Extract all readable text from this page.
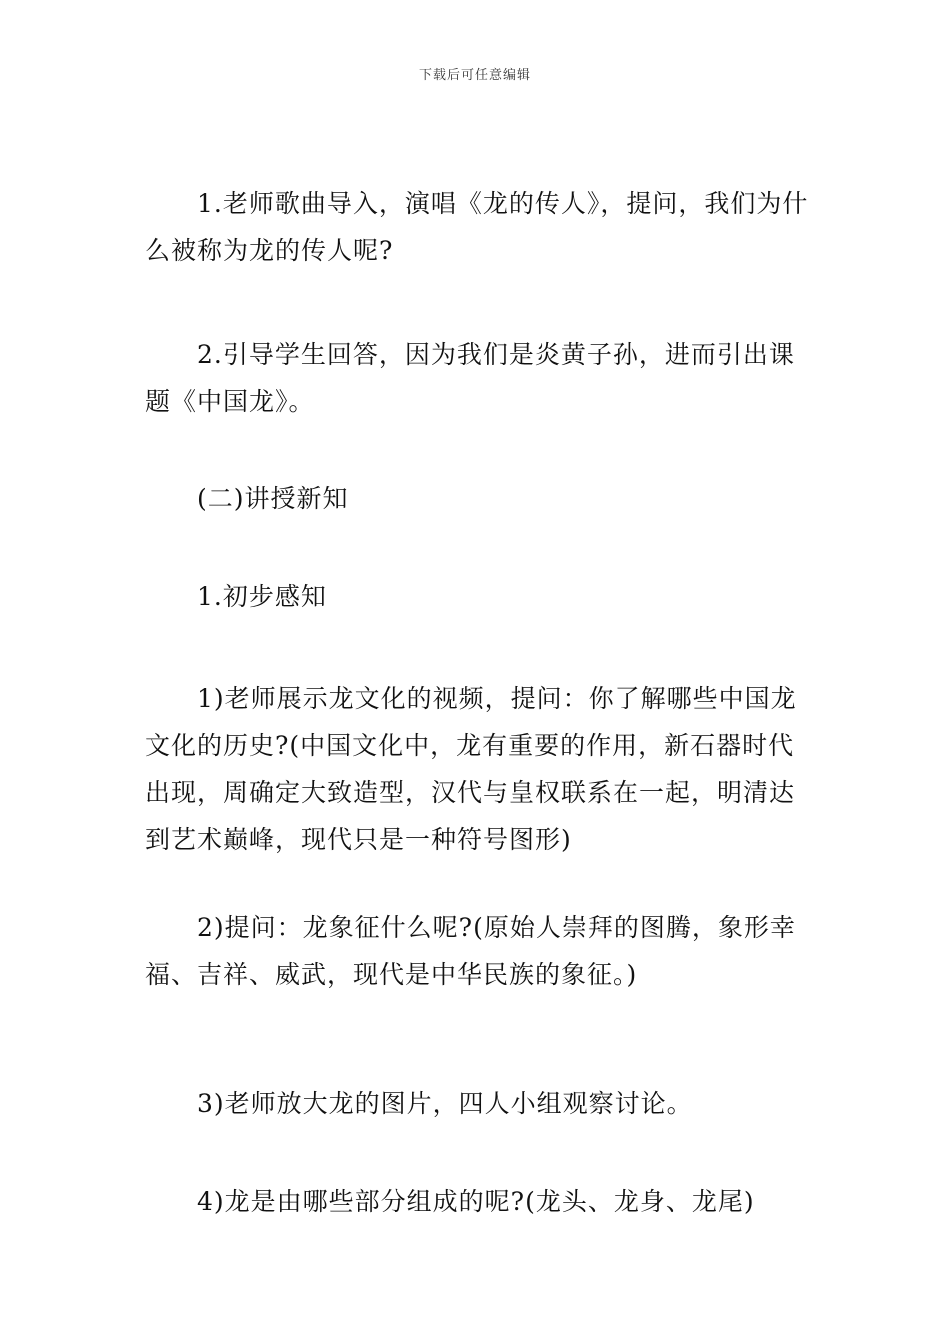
下载后可任意编辑

1.老师歌曲导入，演唱《龙的传人》，提问，我们为什么被称为龙的传人呢?

2.引导学生回答，因为我们是炎黄子孙，进而引出课题《中国龙》。

(二)讲授新知

1.初步感知

1)老师展示龙文化的视频，提问：你了解哪些中国龙文化的历史?(中国文化中，龙有重要的作用，新石器时代出现，周确定大致造型，汉代与皇权联系在一起，明清达到艺术巅峰，现代只是一种符号图形)

2)提问：龙象征什么呢?(原始人崇拜的图腾，象形幸福、吉祥、威武，现代是中华民族的象征。)

3)老师放大龙的图片，四人小组观察讨论。

4)龙是由哪些部分组成的呢?(龙头、龙身、龙尾)
